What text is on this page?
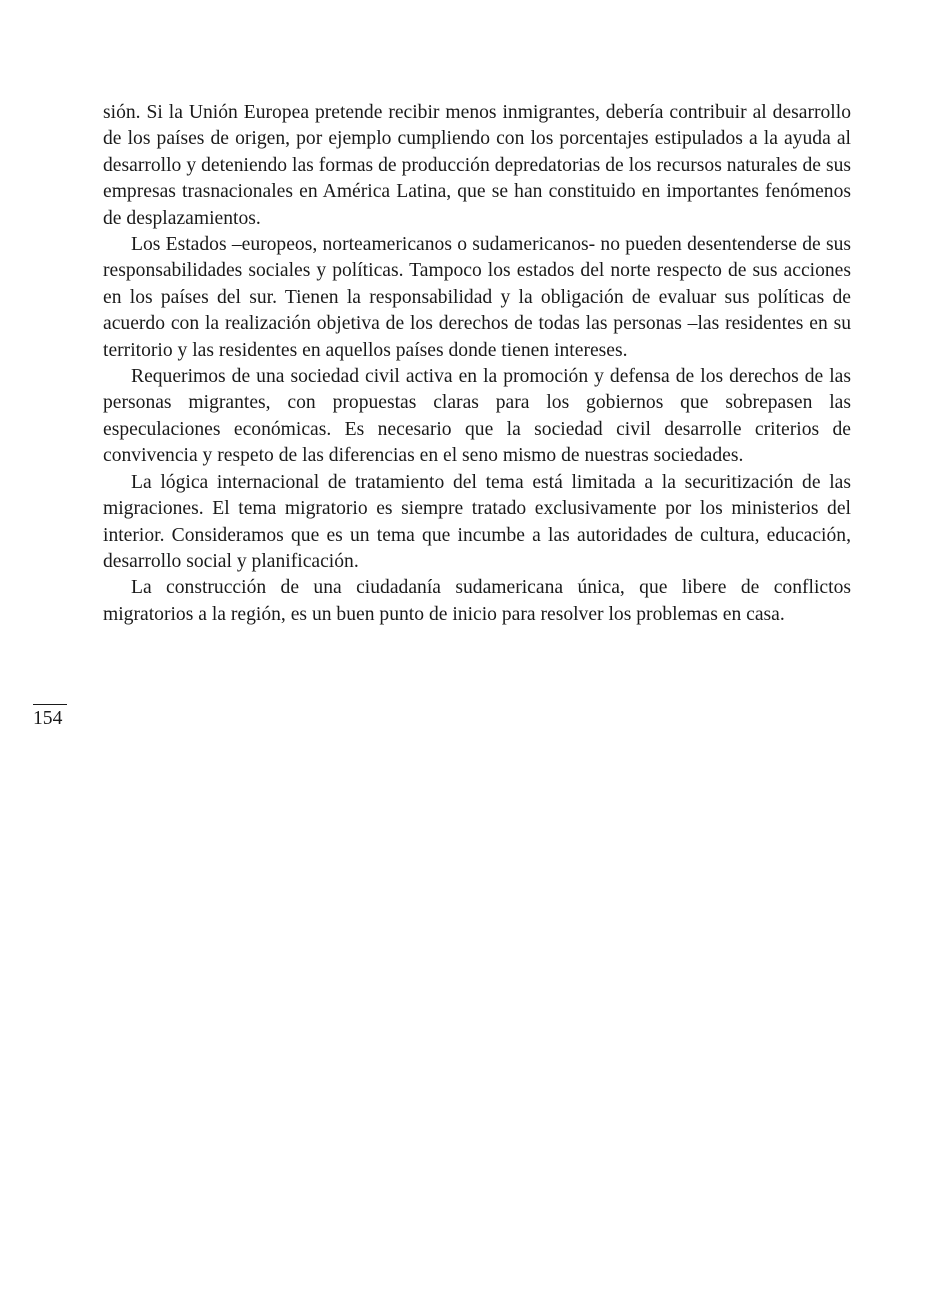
sión. Si la Unión Europea pretende recibir menos inmigrantes, debería contribuir al desarrollo de los países de origen, por ejemplo cumpliendo con los porcentajes estipulados a la ayuda al desarrollo y deteniendo las formas de producción depredatorias de los recursos naturales de sus empresas trasnacionales en América Latina, que se han constituido en importantes fenómenos de desplazamientos.

Los Estados –europeos, norteamericanos o sudamericanos- no pueden desentenderse de sus responsabilidades sociales y políticas. Tampoco los estados del norte respecto de sus acciones en los países del sur. Tienen la responsabilidad y la obligación de evaluar sus políticas de acuerdo con la realización objetiva de los derechos de todas las personas –las residentes en su territorio y las residentes en aquellos países donde tienen intereses.

Requerimos de una sociedad civil activa en la promoción y defensa de los derechos de las personas migrantes, con propuestas claras para los gobiernos que sobrepasen las especulaciones económicas. Es necesario que la sociedad civil desarrolle criterios de convivencia y respeto de las diferencias en el seno mismo de nuestras sociedades.

La lógica internacional de tratamiento del tema está limitada a la securitización de las migraciones. El tema migratorio es siempre tratado exclusivamente por los ministerios del interior. Consideramos que es un tema que incumbe a las autoridades de cultura, educación, desarrollo social y planificación.

La construcción de una ciudadanía sudamericana única, que libere de conflictos migratorios a la región, es un buen punto de inicio para resolver los problemas en casa.

154
